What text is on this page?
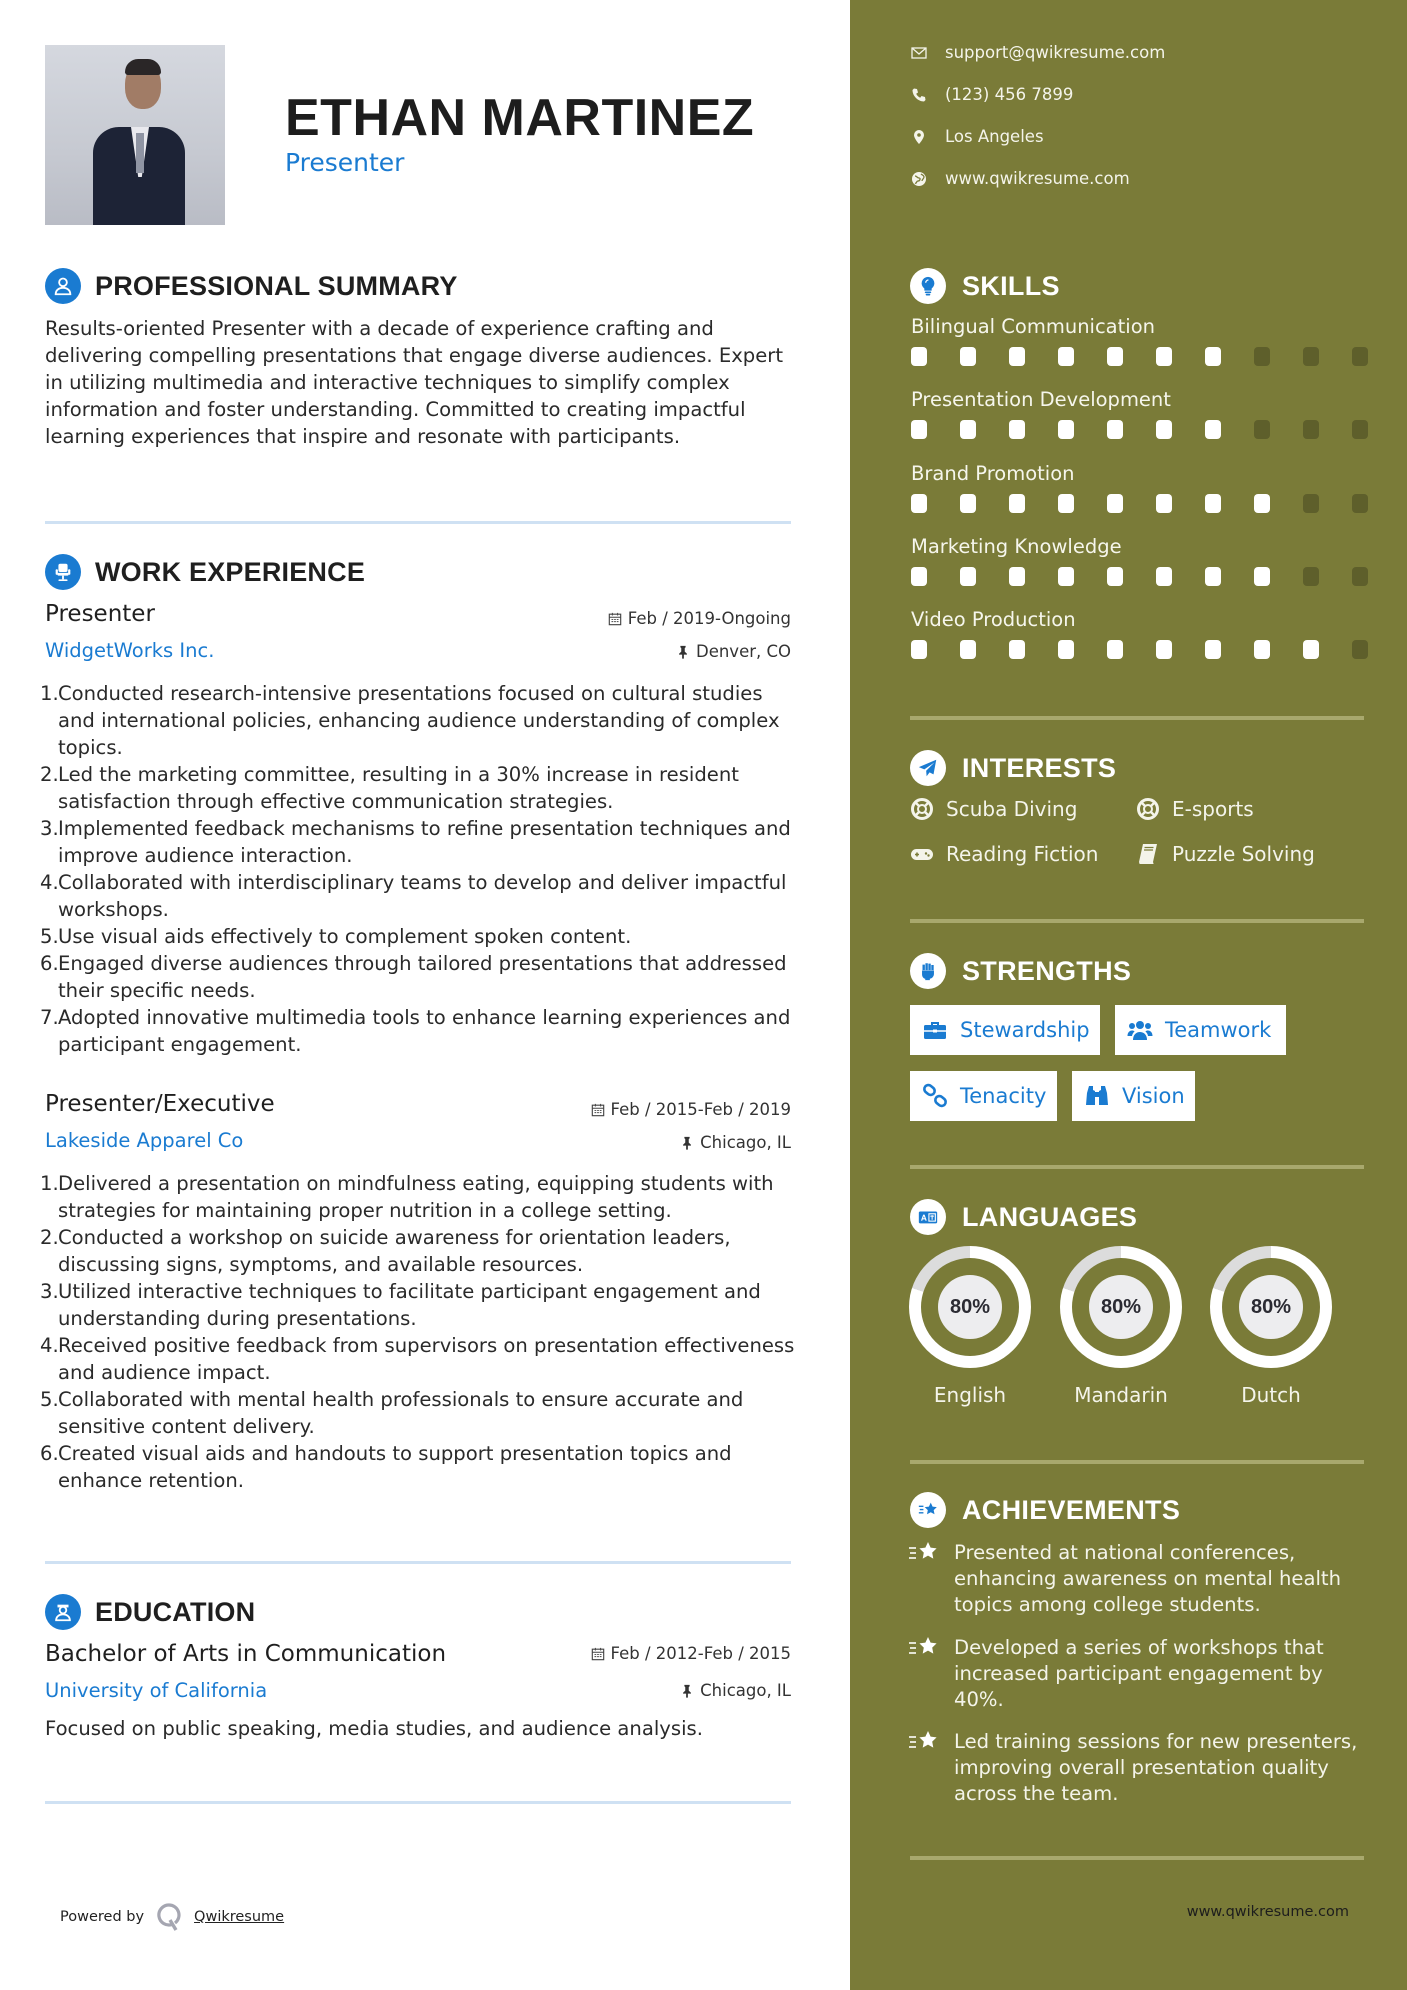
ETHAN MARTINEZ
Presenter
PROFESSIONAL SUMMARY
Results-oriented Presenter with a decade of experience crafting and delivering compelling presentations that engage diverse audiences. Expert in utilizing multimedia and interactive techniques to simplify complex information and foster understanding. Committed to creating impactful learning experiences that inspire and resonate with participants.
WORK EXPERIENCE
Presenter	Feb / 2019-Ongoing
WidgetWorks Inc.	Denver, CO
1. Conducted research-intensive presentations focused on cultural studies and international policies, enhancing audience understanding of complex topics.
2. Led the marketing committee, resulting in a 30% increase in resident satisfaction through effective communication strategies.
3. Implemented feedback mechanisms to refine presentation techniques and improve audience interaction.
4. Collaborated with interdisciplinary teams to develop and deliver impactful workshops.
5. Use visual aids effectively to complement spoken content.
6. Engaged diverse audiences through tailored presentations that addressed their specific needs.
7. Adopted innovative multimedia tools to enhance learning experiences and participant engagement.
Presenter/Executive	Feb / 2015-Feb / 2019
Lakeside Apparel Co	Chicago, IL
1. Delivered a presentation on mindfulness eating, equipping students with strategies for maintaining proper nutrition in a college setting.
2. Conducted a workshop on suicide awareness for orientation leaders, discussing signs, symptoms, and available resources.
3. Utilized interactive techniques to facilitate participant engagement and understanding during presentations.
4. Received positive feedback from supervisors on presentation effectiveness and audience impact.
5. Collaborated with mental health professionals to ensure accurate and sensitive content delivery.
6. Created visual aids and handouts to support presentation topics and enhance retention.
EDUCATION
Bachelor of Arts in Communication	Feb / 2012-Feb / 2015
University of California	Chicago, IL
Focused on public speaking, media studies, and audience analysis.
Powered by	Qwikresume
support@qwikresume.com
(123) 456 7899
Los Angeles
www.qwikresume.com
SKILLS
Bilingual Communication
Presentation Development
Brand Promotion
Marketing Knowledge
Video Production
INTERESTS
Scuba Diving	E-sports
Reading Fiction	Puzzle Solving
STRENGTHS
Stewardship	Teamwork
Tenacity	Vision
LANGUAGES
80%
English
80%
Mandarin
80%
Dutch
ACHIEVEMENTS
Presented at national conferences, enhancing awareness on mental health topics among college students.
Developed a series of workshops that increased participant engagement by 40%.
Led training sessions for new presenters, improving overall presentation quality across the team.
www.qwikresume.com
